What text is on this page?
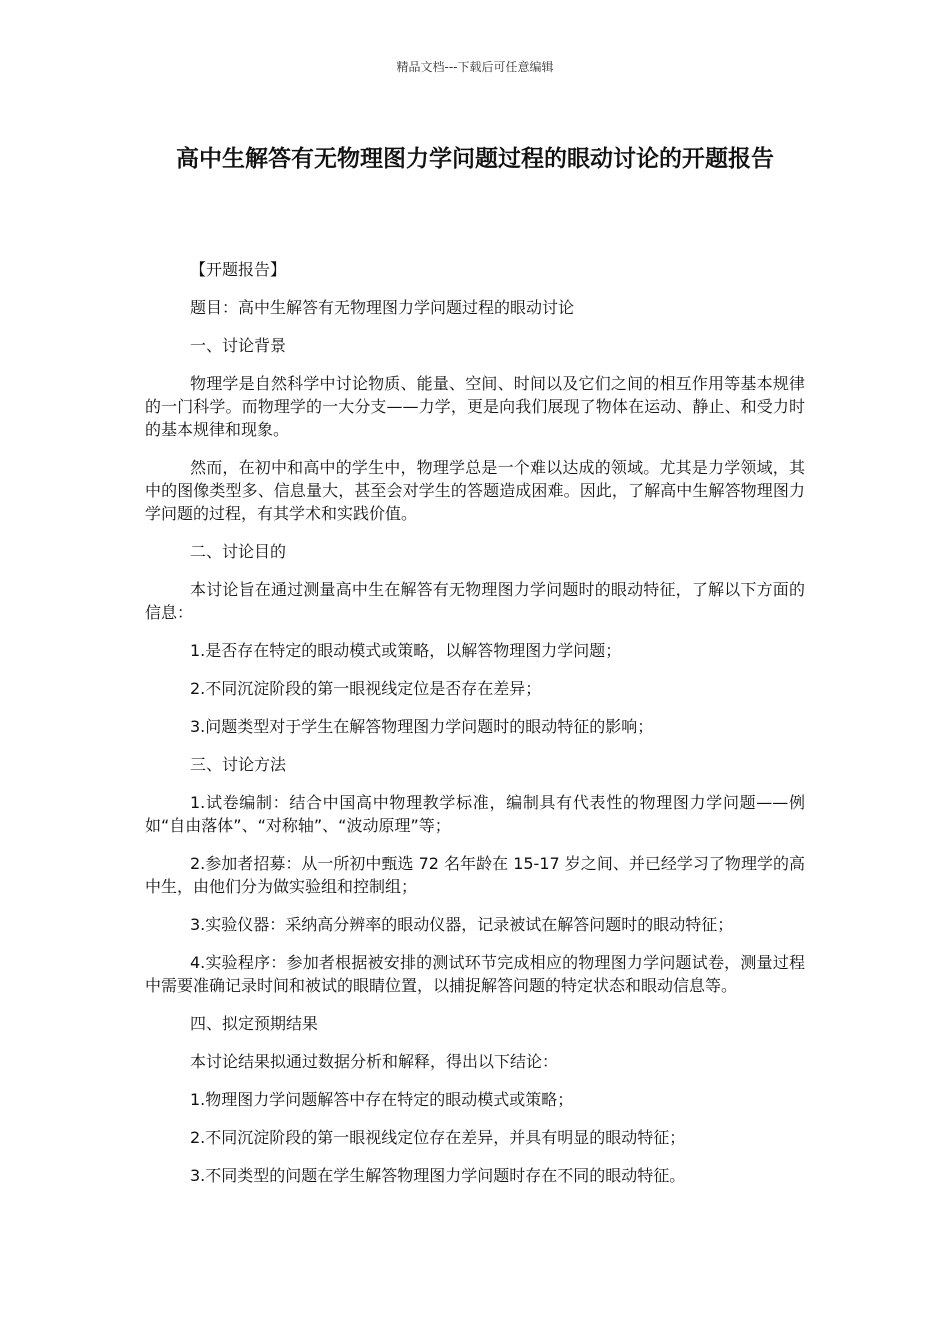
精品文档---下载后可任意编辑
高中生解答有无物理图力学问题过程的眼动讨论的开题报告

【开题报告】

题目：高中生解答有无物理图力学问题过程的眼动讨论

一、讨论背景

物理学是自然科学中讨论物质、能量、空间、时间以及它们之间的相互作用等基本规律的一门科学。而物理学的一大分支——力学，更是向我们展现了物体在运动、静止、和受力时的基本规律和现象。

然而，在初中和高中的学生中，物理学总是一个难以达成的领域。尤其是力学领域，其中的图像类型多、信息量大，甚至会对学生的答题造成困难。因此，了解高中生解答物理图力学问题的过程，有其学术和实践价值。

二、讨论目的

本讨论旨在通过测量高中生在解答有无物理图力学问题时的眼动特征，了解以下方面的信息：

1.是否存在特定的眼动模式或策略，以解答物理图力学问题；

2.不同沉淀阶段的第一眼视线定位是否存在差异；

3.问题类型对于学生在解答物理图力学问题时的眼动特征的影响；

三、讨论方法

1.试卷编制：结合中国高中物理教学标准，编制具有代表性的物理图力学问题——例如“自由落体”、“对称轴”、“波动原理”等；

2.参加者招募：从一所初中甄选 72 名年龄在 15-17 岁之间、并已经学习了物理学的高中生，由他们分为做实验组和控制组；

3.实验仪器：采纳高分辨率的眼动仪器，记录被试在解答问题时的眼动特征；

4.实验程序：参加者根据被安排的测试环节完成相应的物理图力学问题试卷，测量过程中需要准确记录时间和被试的眼睛位置，以捕捉解答问题的特定状态和眼动信息等。

四、拟定预期结果

本讨论结果拟通过数据分析和解释，得出以下结论：

1.物理图力学问题解答中存在特定的眼动模式或策略；

2.不同沉淀阶段的第一眼视线定位存在差异，并具有明显的眼动特征；

3.不同类型的问题在学生解答物理图力学问题时存在不同的眼动特征。
